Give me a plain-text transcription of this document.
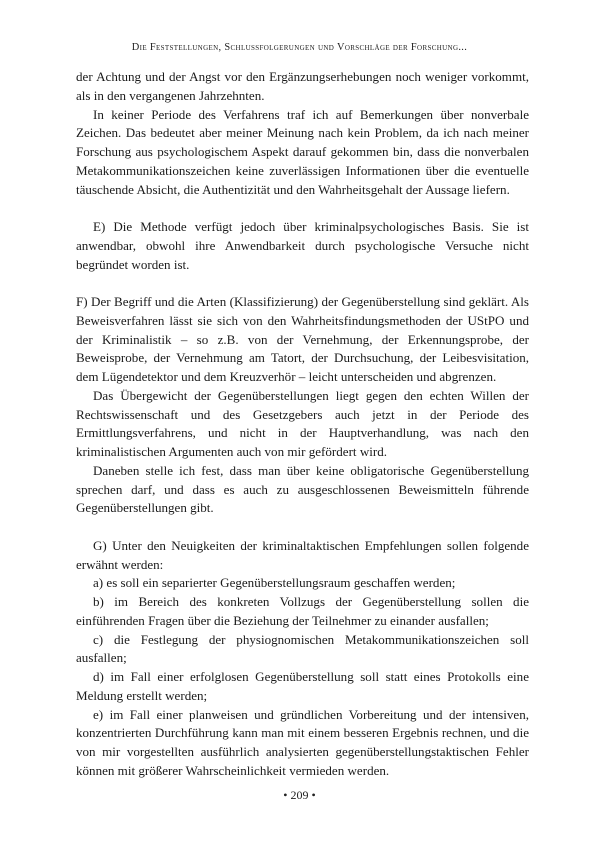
Die Feststellungen, Schlussfolgerungen und Vorschläge der Forschung...

der Achtung und der Angst vor den Ergänzungserhebungen noch weniger vorkommt, als in den vergangenen Jahrzehnten.

In keiner Periode des Verfahrens traf ich auf Bemerkungen über nonverbale Zeichen. Das bedeutet aber meiner Meinung nach kein Problem, da ich nach meiner Forschung aus psychologischem Aspekt darauf gekommen bin, dass die nonverbalen Metakommunikationszeichen keine zuverlässigen Informationen über die eventuelle täuschende Absicht, die Authentizität und den Wahrheitsgehalt der Aussage liefern.

E) Die Methode verfügt jedoch über kriminalpsychologisches Basis. Sie ist anwendbar, obwohl ihre Anwendbarkeit durch psychologische Versuche nicht begründet worden ist.

F) Der Begriff und die Arten (Klassifizierung) der Gegenüberstellung sind geklärt. Als Beweisverfahren lässt sie sich von den Wahrheitsfindungsmethoden der UStPO und der Kriminalistik – so z.B. von der Vernehmung, der Erkennungsprobe, der Beweisprobe, der Vernehmung am Tatort, der Durchsuchung, der Leibesvisitation, dem Lügendetektor und dem Kreuzverhör – leicht unterscheiden und abgrenzen.

Das Übergewicht der Gegenüberstellungen liegt gegen den echten Willen der Rechtswissenschaft und des Gesetzgebers auch jetzt in der Periode des Ermittlungsverfahrens, und nicht in der Hauptverhandlung, was nach den kriminalistischen Argumenten auch von mir gefördert wird.

Daneben stelle ich fest, dass man über keine obligatorische Gegenüberstellung sprechen darf, und dass es auch zu ausgeschlossenen Beweismitteln führende Gegenüberstellungen gibt.

G) Unter den Neuigkeiten der kriminaltaktischen Empfehlungen sollen folgende erwähnt werden:

a) es soll ein separierter Gegenüberstellungsraum geschaffen werden;

b) im Bereich des konkreten Vollzugs der Gegenüberstellung sollen die einführenden Fragen über die Beziehung der Teilnehmer zu einander ausfallen;

c) die Festlegung der physiognomischen Metakommunikationszeichen soll ausfallen;

d) im Fall einer erfolglosen Gegenüberstellung soll statt eines Protokolls eine Meldung erstellt werden;

e) im Fall einer planweisen und gründlichen Vorbereitung und der intensiven, konzentrierten Durchführung kann man mit einem besseren Ergebnis rechnen, und die von mir vorgestellten ausführlich analysierten gegenüberstellungstaktischen Fehler können mit größerer Wahrscheinlichkeit vermieden werden.

• 209 •
